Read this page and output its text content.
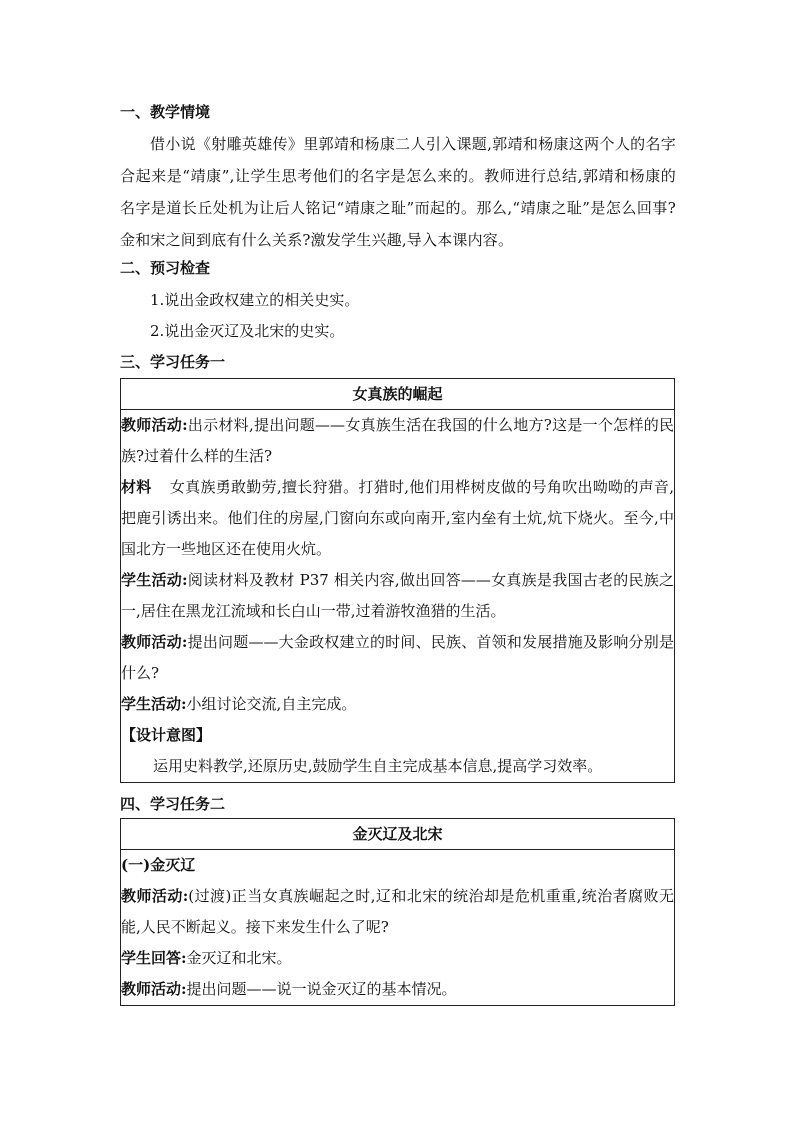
一、教学情境
借小说《射雕英雄传》里郭靖和杨康二人引入课题,郭靖和杨康这两个人的名字合起来是“靖康”,让学生思考他们的名字是怎么来的。教师进行总结,郭靖和杨康的名字是道长丘处机为让后人铭记“靖康之耻”而起的。那么,“靖康之耻”是怎么回事?金和宋之间到底有什么关系?激发学生兴趣,导入本课内容。
二、预习检查
1.说出金政权建立的相关史实。
2.说出金灭辽及北宋的史实。
三、学习任务一
女真族的崛起

教师活动:出示材料,提出问题——女真族生活在我国的什么地方?这是一个怎样的民族?过着什么样的生活?
材料 女真族勇敢勤劳,擅长狩猎。打猎时,他们用桦树皮做的号角吹出呦呦的声音,把鹿引诱出来。他们住的房屋,门窗向东或向南开,室内垒有土炕,炕下烧火。至今,中国北方一些地区还在使用火炕。
学生活动:阅读材料及教材 P37 相关内容,做出回答——女真族是我国古老的民族之一,居住在黑龙江流域和长白山一带,过着游牧渔猎的生活。
教师活动:提出问题——大金政权建立的时间、民族、首领和发展措施及影响分别是什么?
学生活动:小组讨论交流,自主完成。
【设计意图】
运用史料教学,还原历史,鼓励学生自主完成基本信息,提高学习效率。
四、学习任务二
金灭辽及北宋

(一)金灭辽
教师活动:(过渡)正当女真族崛起之时,辽和北宋的统治却是危机重重,统治者腐败无能,人民不断起义。接下来发生什么了呢?
学生回答:金灭辽和北宋。
教师活动:提出问题——说一说金灭辽的基本情况。
